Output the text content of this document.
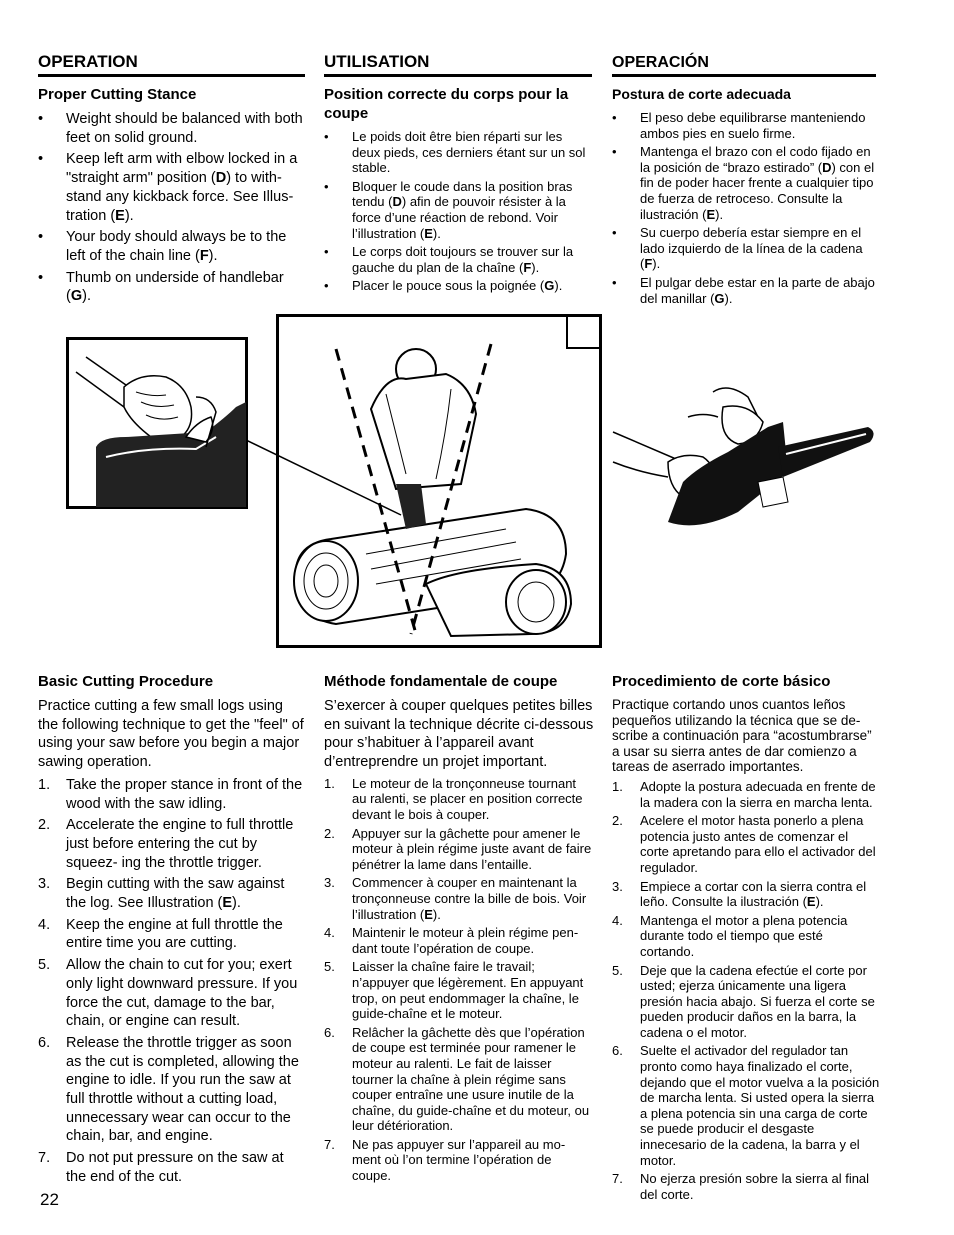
OPERATION
Proper Cutting Stance
• Weight should be balanced with both feet on solid ground.
• Keep left arm with elbow locked in a "straight arm" position (D) to with- stand any kickback force. See Illus- tration (E).
• Your body should always be to the left of the chain line (F).
• Thumb on underside of handlebar (G).
UTILISATION
Position correcte du corps pour la coupe
• Le poids doit être bien réparti sur les deux pieds, ces derniers étant sur un sol stable.
• Bloquer le coude dans la position bras tendu (D) afin de pouvoir résister à la force d’une réaction de rebond. Voir l’illustration (E).
• Le corps doit toujours se trouver sur la gauche du plan de la chaîne (F).
• Placer le pouce sous la poignée (G).
OPERACIÓN
Postura de corte adecuada
• El peso debe equilibrarse manteniendo ambos pies en suelo firme.
• Mantenga el brazo con el codo fijado en la posición de “brazo estirado” (D) con el fin de poder hacer frente a cualquier tipo de fuerza de retroceso. Consulte la ilustración (E).
• Su cuerpo debería estar siempre en el lado izquierdo de la línea de la cadena (F).
• El pulgar debe estar en la parte de abajo del manillar (G).
Basic Cutting Procedure

Practice cutting a few small logs using the following technique to get the "feel" of using your saw before you begin a major sawing operation.

1. Take the proper stance in front of the wood with the saw idling.
2. Accelerate the engine to full throttle just before entering the cut by squeez- ing the throttle trigger.
3. Begin cutting with the saw against the log. See Illustration (E).
4. Keep the engine at full throttle the entire time you are cutting.
5. Allow the chain to cut for you; exert only light downward pressure. If you force the cut, damage to the bar, chain, or engine can result.
6. Release the throttle trigger as soon as the cut is completed, allowing the engine to idle. If you run the saw at full throttle without a cutting load, unnecessary wear can occur to the chain, bar, and engine.
7. Do not put pressure on the saw at the end of the cut.
Méthode fondamentale de coupe

S’exercer à couper quelques petites billes en suivant la technique décrite ci-dessous pour s’habituer à l’appareil avant d’entreprendre un projet important.

1. Le moteur de la tronçonneuse tournant au ralenti, se placer en position correcte devant le bois à couper.
2. Appuyer sur la gâchette pour amener le moteur à plein régime juste avant de faire pénétrer la lame dans l’entaille.
3. Commencer à couper en maintenant la tronçonneuse contre la bille de bois. Voir l’illustration (E).
4. Maintenir le moteur à plein régime pen- dant toute l’opération de coupe.
5. Laisser la chaîne faire le travail; n’appuyer que légèrement. En appuyant trop, on peut endommager la chaîne, le guide-chaîne et le moteur.
6. Relâcher la gâchette dès que l’opération de coupe est terminée pour ramener le moteur au ralenti. Le fait de laisser tourner la chaîne à plein régime sans couper entraîne une usure inutile de la chaîne, du guide-chaîne et du moteur, ou leur détérioration.
7. Ne pas appuyer sur l’appareil au mo- ment où l’on termine l’opération de coupe.
Procedimiento de corte básico

Practique cortando unos cuantos leños pequeños utilizando la técnica que se de- scribe a continuación para “acostumbrarse” a usar su sierra antes de dar comienzo a tareas de aserrado importantes.

1. Adopte la postura adecuada en frente de la madera con la sierra en marcha lenta.
2. Acelere el motor hasta ponerlo a plena potencia justo antes de comenzar el corte apretando para ello el activador del regulador.
3. Empiece a cortar con la sierra contra el leño. Consulte la ilustración (E).
4. Mantenga el motor a plena potencia durante todo el tiempo que esté cortando.
5. Deje que la cadena efectúe el corte por usted; ejerza únicamente una ligera presión hacia abajo. Si fuerza el corte se pueden producir daños en la barra, la cadena o el motor.
6. Suelte el activador del regulador tan pronto como haya finalizado el corte, dejando que el motor vuelva a la posición de marcha lenta. Si usted opera la sierra a plena potencia sin una carga de corte se puede producir el desgaste innecesario de la cadena, la barra y el motor.
7. No ejerza presión sobre la sierra al final del corte.
22
